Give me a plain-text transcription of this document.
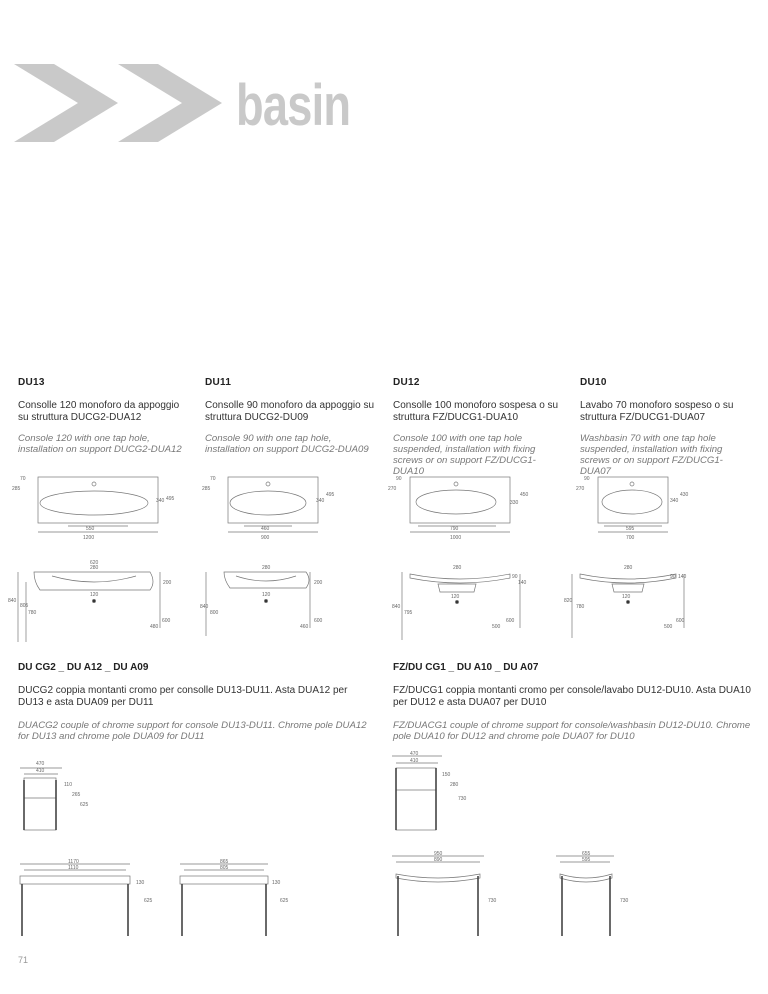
basin
DU13
Consolle 120 monoforo da appoggio su struttura DUCG2-DUA12
Console 120 with one tap hole, installation on support DUCG2-DUA12
DU11
Consolle 90 monoforo da appoggio su struttura DUCG2-DU09
Console 90 with one tap hole, installation on support DUCG2-DUA09
DU12
Consolle 100 monoforo sospesa o su struttura FZ/DUCG1-DUA10
Console 100 with one tap hole suspended, installation with fixing screws or on support FZ/DUCG1-DUA10
DU10
Lavabo 70 monoforo sospeso o su struttura FZ/DUCG1-DUA07
Washbasin 70 with one tap hole suspended, installation with fixing screws or on support FZ/DUCG1-DUA07
550
1200
70
285
340 495
460
900
70
285
340
495
790
1000
90
270
330
450
595
700
90
270
340
430
620
280
200
120
840
805
780
600
480
280
200
120
840
800
600
460
280
90
140
840
795
120
600
500
280
90 140
820
780
120
600
500
DU CG2 _ DU A12 _ DU A09
DUCG2 coppia montanti cromo per consolle DU13-DU11. Asta DUA12 per DU13 e asta DUA09 per DU11
DUACG2 couple of chrome support for console DU13-DU11. Chrome pole DUA12 for DU13 and chrome pole DUA09 for DU11
FZ/DU CG1 _ DU A10 _ DU A07
FZ/DUCG1 coppia montanti cromo per console/lavabo DU12-DU10. Asta DUA10 per DU12 e asta DUA07 per DU10
FZ/DUACG1 couple of chrome support for console/washbasin DU12-DU10. Chrome pole DUA10 for DU12 and chrome pole DUA07 for DU10
470
410
110
265
625
470
410
150
280
730
1170
1110
130
625
865
805
130
625
950
890
730
655
595
730
71
